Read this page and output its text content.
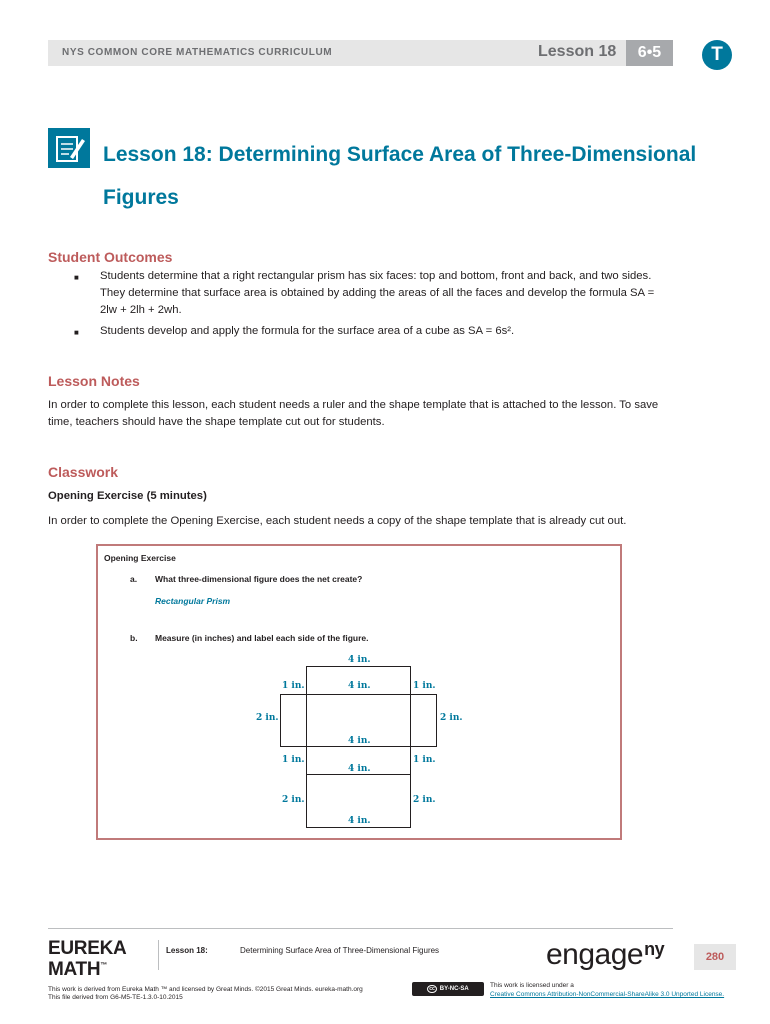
NYS COMMON CORE MATHEMATICS CURRICULUM	Lesson 18	6•5	T
Lesson 18: Determining Surface Area of Three-Dimensional
Figures
Student Outcomes
■ Students determine that a right rectangular prism has six faces: top and bottom, front and back, and two sides. They determine that surface area is obtained by adding the areas of all the faces and develop the formula SA = 2lw + 2lh + 2wh.
■ Students develop and apply the formula for the surface area of a cube as SA = 6s².
Lesson Notes
In order to complete this lesson, each student needs a ruler and the shape template that is attached to the lesson. To save time, teachers should have the shape template cut out for students.
Classwork
Opening Exercise (5 minutes)
In order to complete the Opening Exercise, each student needs a copy of the shape template that is already cut out.
Opening Exercise
a. What three-dimensional figure does the net create?
Rectangular Prism
b. Measure (in inches) and label each side of the figure.
4 in.
4 in.
1 in.	1 in.
2 in.	2 in.
4 in.
1 in.	1 in.
4 in.
2 in.	2 in.
4 in.
EUREKA
MATH™
Lesson 18:	Determining Surface Area of Three-Dimensional Figures	engage$^{ny}$	280
This work is derived from Eureka Math ™ and licensed by Great Minds. ©2015 Great Minds. eureka-math.org
This file derived from G6-M5-TE-1.3.0-10.2015
cc BY-NC-SA	This work is licensed under a
Creative Commons Attribution-NonCommercial-ShareAlike 3.0 Unported License.
